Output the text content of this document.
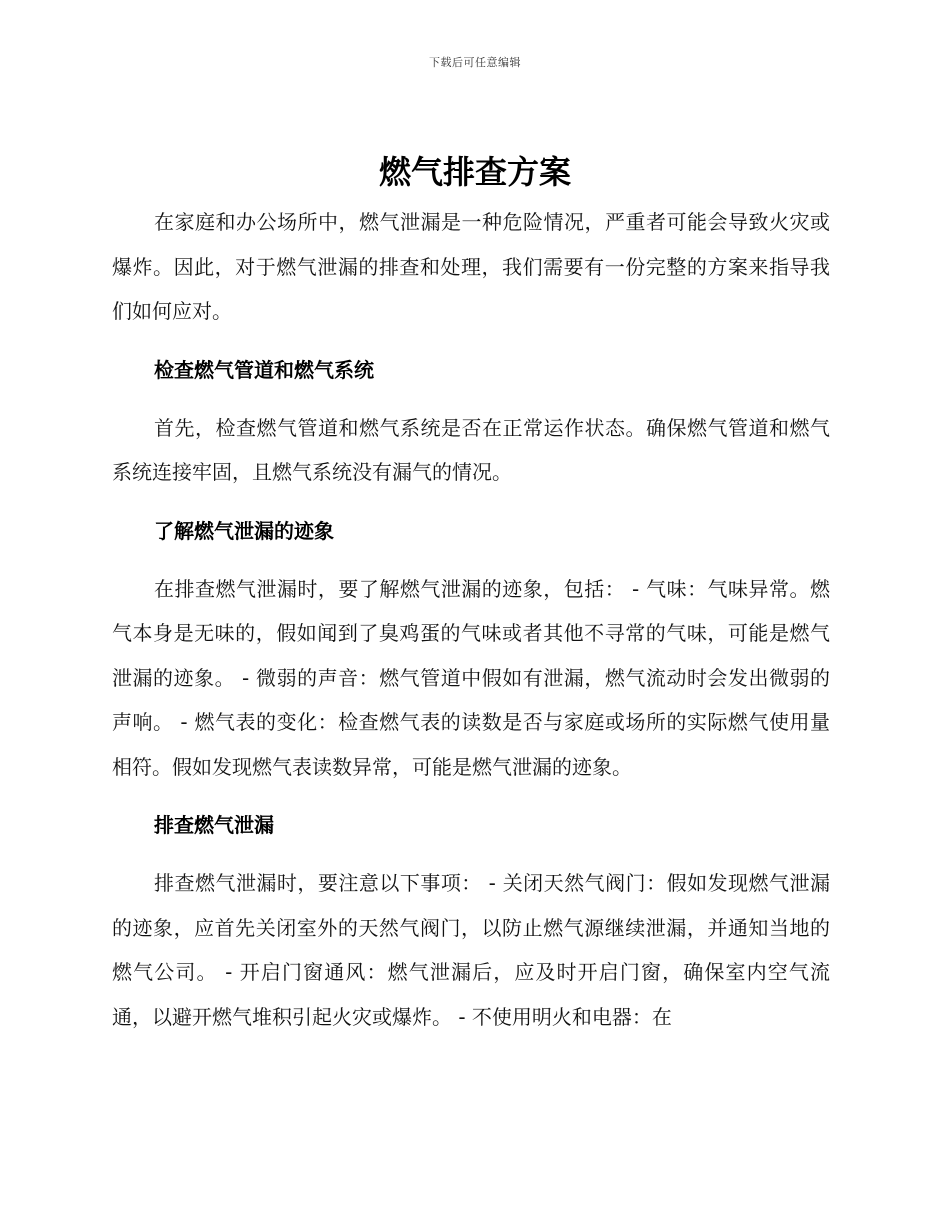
下载后可任意编辑
燃气排查方案

在家庭和办公场所中，燃气泄漏是一种危险情况，严重者可能会导致火灾或爆炸。因此，对于燃气泄漏的排查和处理，我们需要有一份完整的方案来指导我们如何应对。

检查燃气管道和燃气系统

首先，检查燃气管道和燃气系统是否在正常运作状态。确保燃气管道和燃气系统连接牢固，且燃气系统没有漏气的情况。

了解燃气泄漏的迹象

在排查燃气泄漏时，要了解燃气泄漏的迹象，包括： - 气味：气味异常。燃气本身是无味的，假如闻到了臭鸡蛋的气味或者其他不寻常的气味，可能是燃气泄漏的迹象。 - 微弱的声音：燃气管道中假如有泄漏，燃气流动时会发出微弱的声响。 - 燃气表的变化：检查燃气表的读数是否与家庭或场所的实际燃气使用量相符。假如发现燃气表读数异常，可能是燃气泄漏的迹象。

排查燃气泄漏

排查燃气泄漏时，要注意以下事项： - 关闭天然气阀门：假如发现燃气泄漏的迹象，应首先关闭室外的天然气阀门，以防止燃气源继续泄漏，并通知当地的燃气公司。 - 开启门窗通风：燃气泄漏后，应及时开启门窗，确保室内空气流通，以避开燃气堆积引起火灾或爆炸。 - 不使用明火和电器：在
